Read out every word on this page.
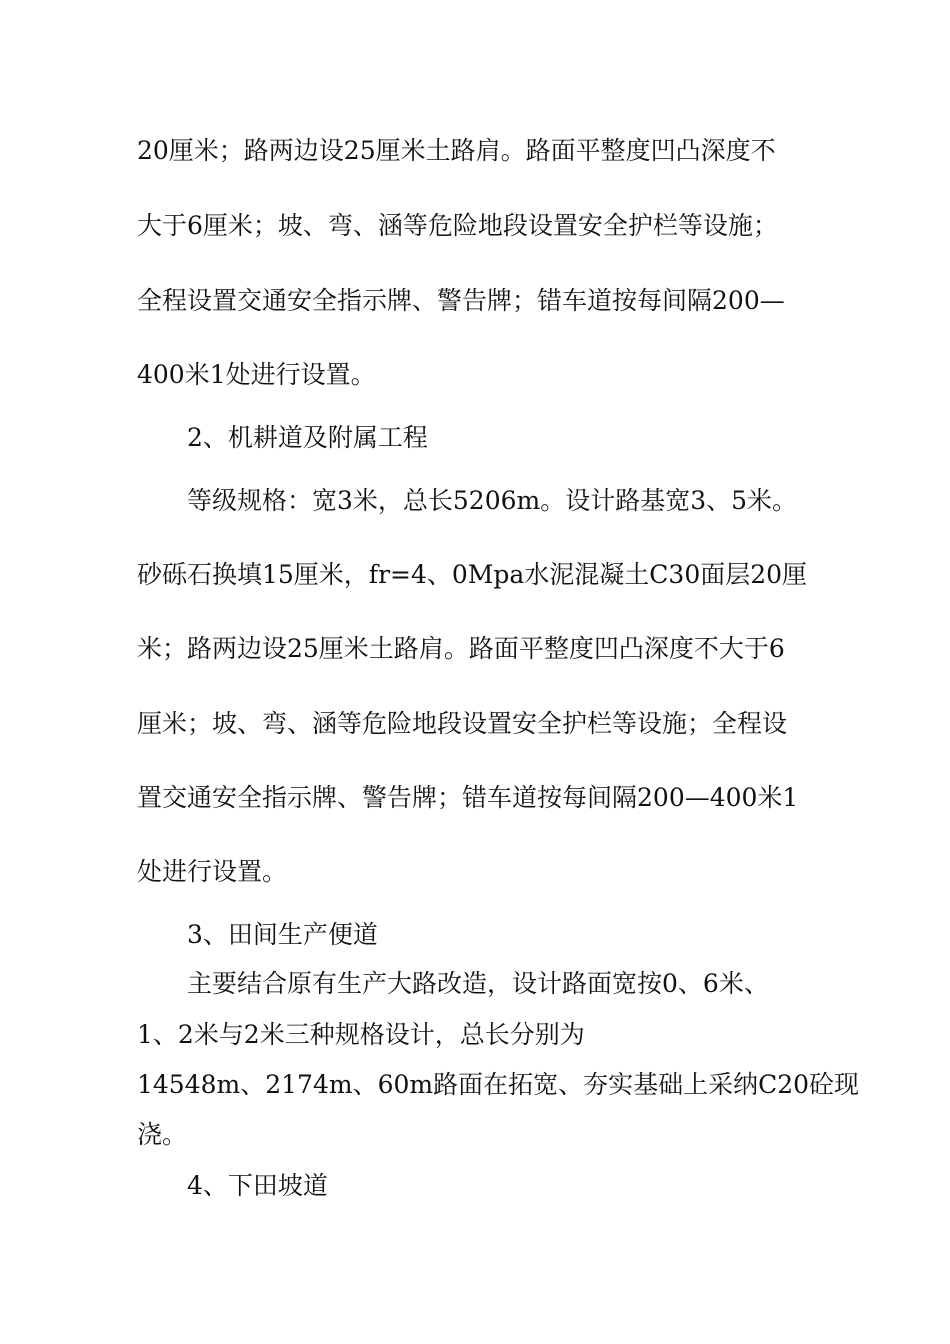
20厘米；路两边设25厘米土路肩。路面平整度凹凸深度不
大于6厘米；坡、弯、涵等危险地段设置安全护栏等设施；
全程设置交通安全指示牌、警告牌；错车道按每间隔200—
400米1处进行设置。
2、机耕道及附属工程
等级规格：宽3米，总长5206m。设计路基宽3、5米。
砂砾石换填15厘米，fr=4、0Mpa水泥混凝土C30面层20厘
米；路两边设25厘米土路肩。路面平整度凹凸深度不大于6
厘米；坡、弯、涵等危险地段设置安全护栏等设施；全程设
置交通安全指示牌、警告牌；错车道按每间隔200—400米1
处进行设置。
3、田间生产便道
主要结合原有生产大路改造，设计路面宽按0、6米、
1、2米与2米三种规格设计，总长分别为
14548m、2174m、60m路面在拓宽、夯实基础上采纳C20砼现
浇。
4、下田坡道
